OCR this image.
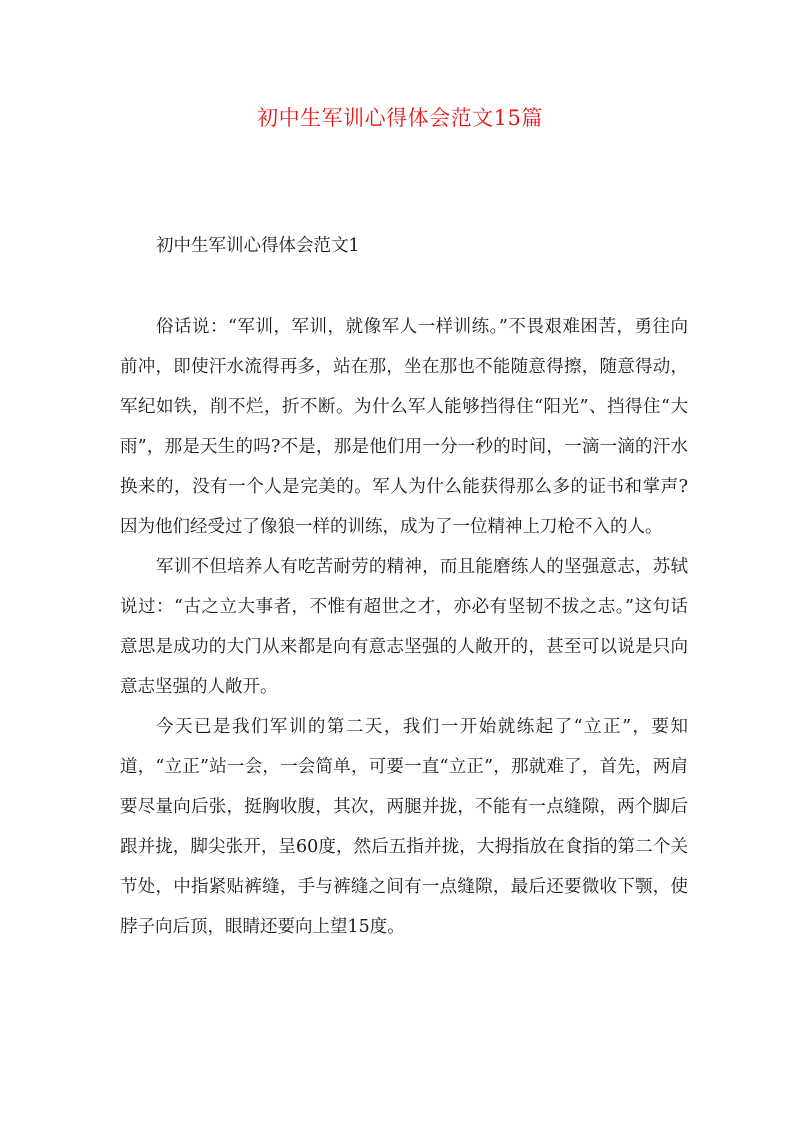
初中生军训心得体会范文15篇
初中生军训心得体会范文1

俗话说：“军训，军训，就像军人一样训练。”不畏艰难困苦，勇往向前冲，即使汗水流得再多，站在那，坐在那也不能随意得擦，随意得动，军纪如铁，削不烂，折不断。为什么军人能够挡得住“阳光”、挡得住“大雨”，那是天生的吗?不是，那是他们用一分一秒的时间，一滴一滴的汗水换来的，没有一个人是完美的。军人为什么能获得那么多的证书和掌声?因为他们经受过了像狼一样的训练，成为了一位精神上刀枪不入的人。

军训不但培养人有吃苦耐劳的精神，而且能磨练人的坚强意志，苏轼说过：“古之立大事者，不惟有超世之才，亦必有坚韧不拔之志。”这句话意思是成功的大门从来都是向有意志坚强的人敞开的，甚至可以说是只向意志坚强的人敞开。

今天已是我们军训的第二天，我们一开始就练起了“立正”，要知道，“立正”站一会，一会简单，可要一直“立正”，那就难了，首先，两肩要尽量向后张，挺胸收腹，其次，两腿并拢，不能有一点缝隙，两个脚后跟并拢，脚尖张开，呈60度，然后五指并拢，大拇指放在食指的第二个关节处，中指紧贴裤缝，手与裤缝之间有一点缝隙，最后还要微收下颚，使脖子向后顶，眼睛还要向上望15度。
